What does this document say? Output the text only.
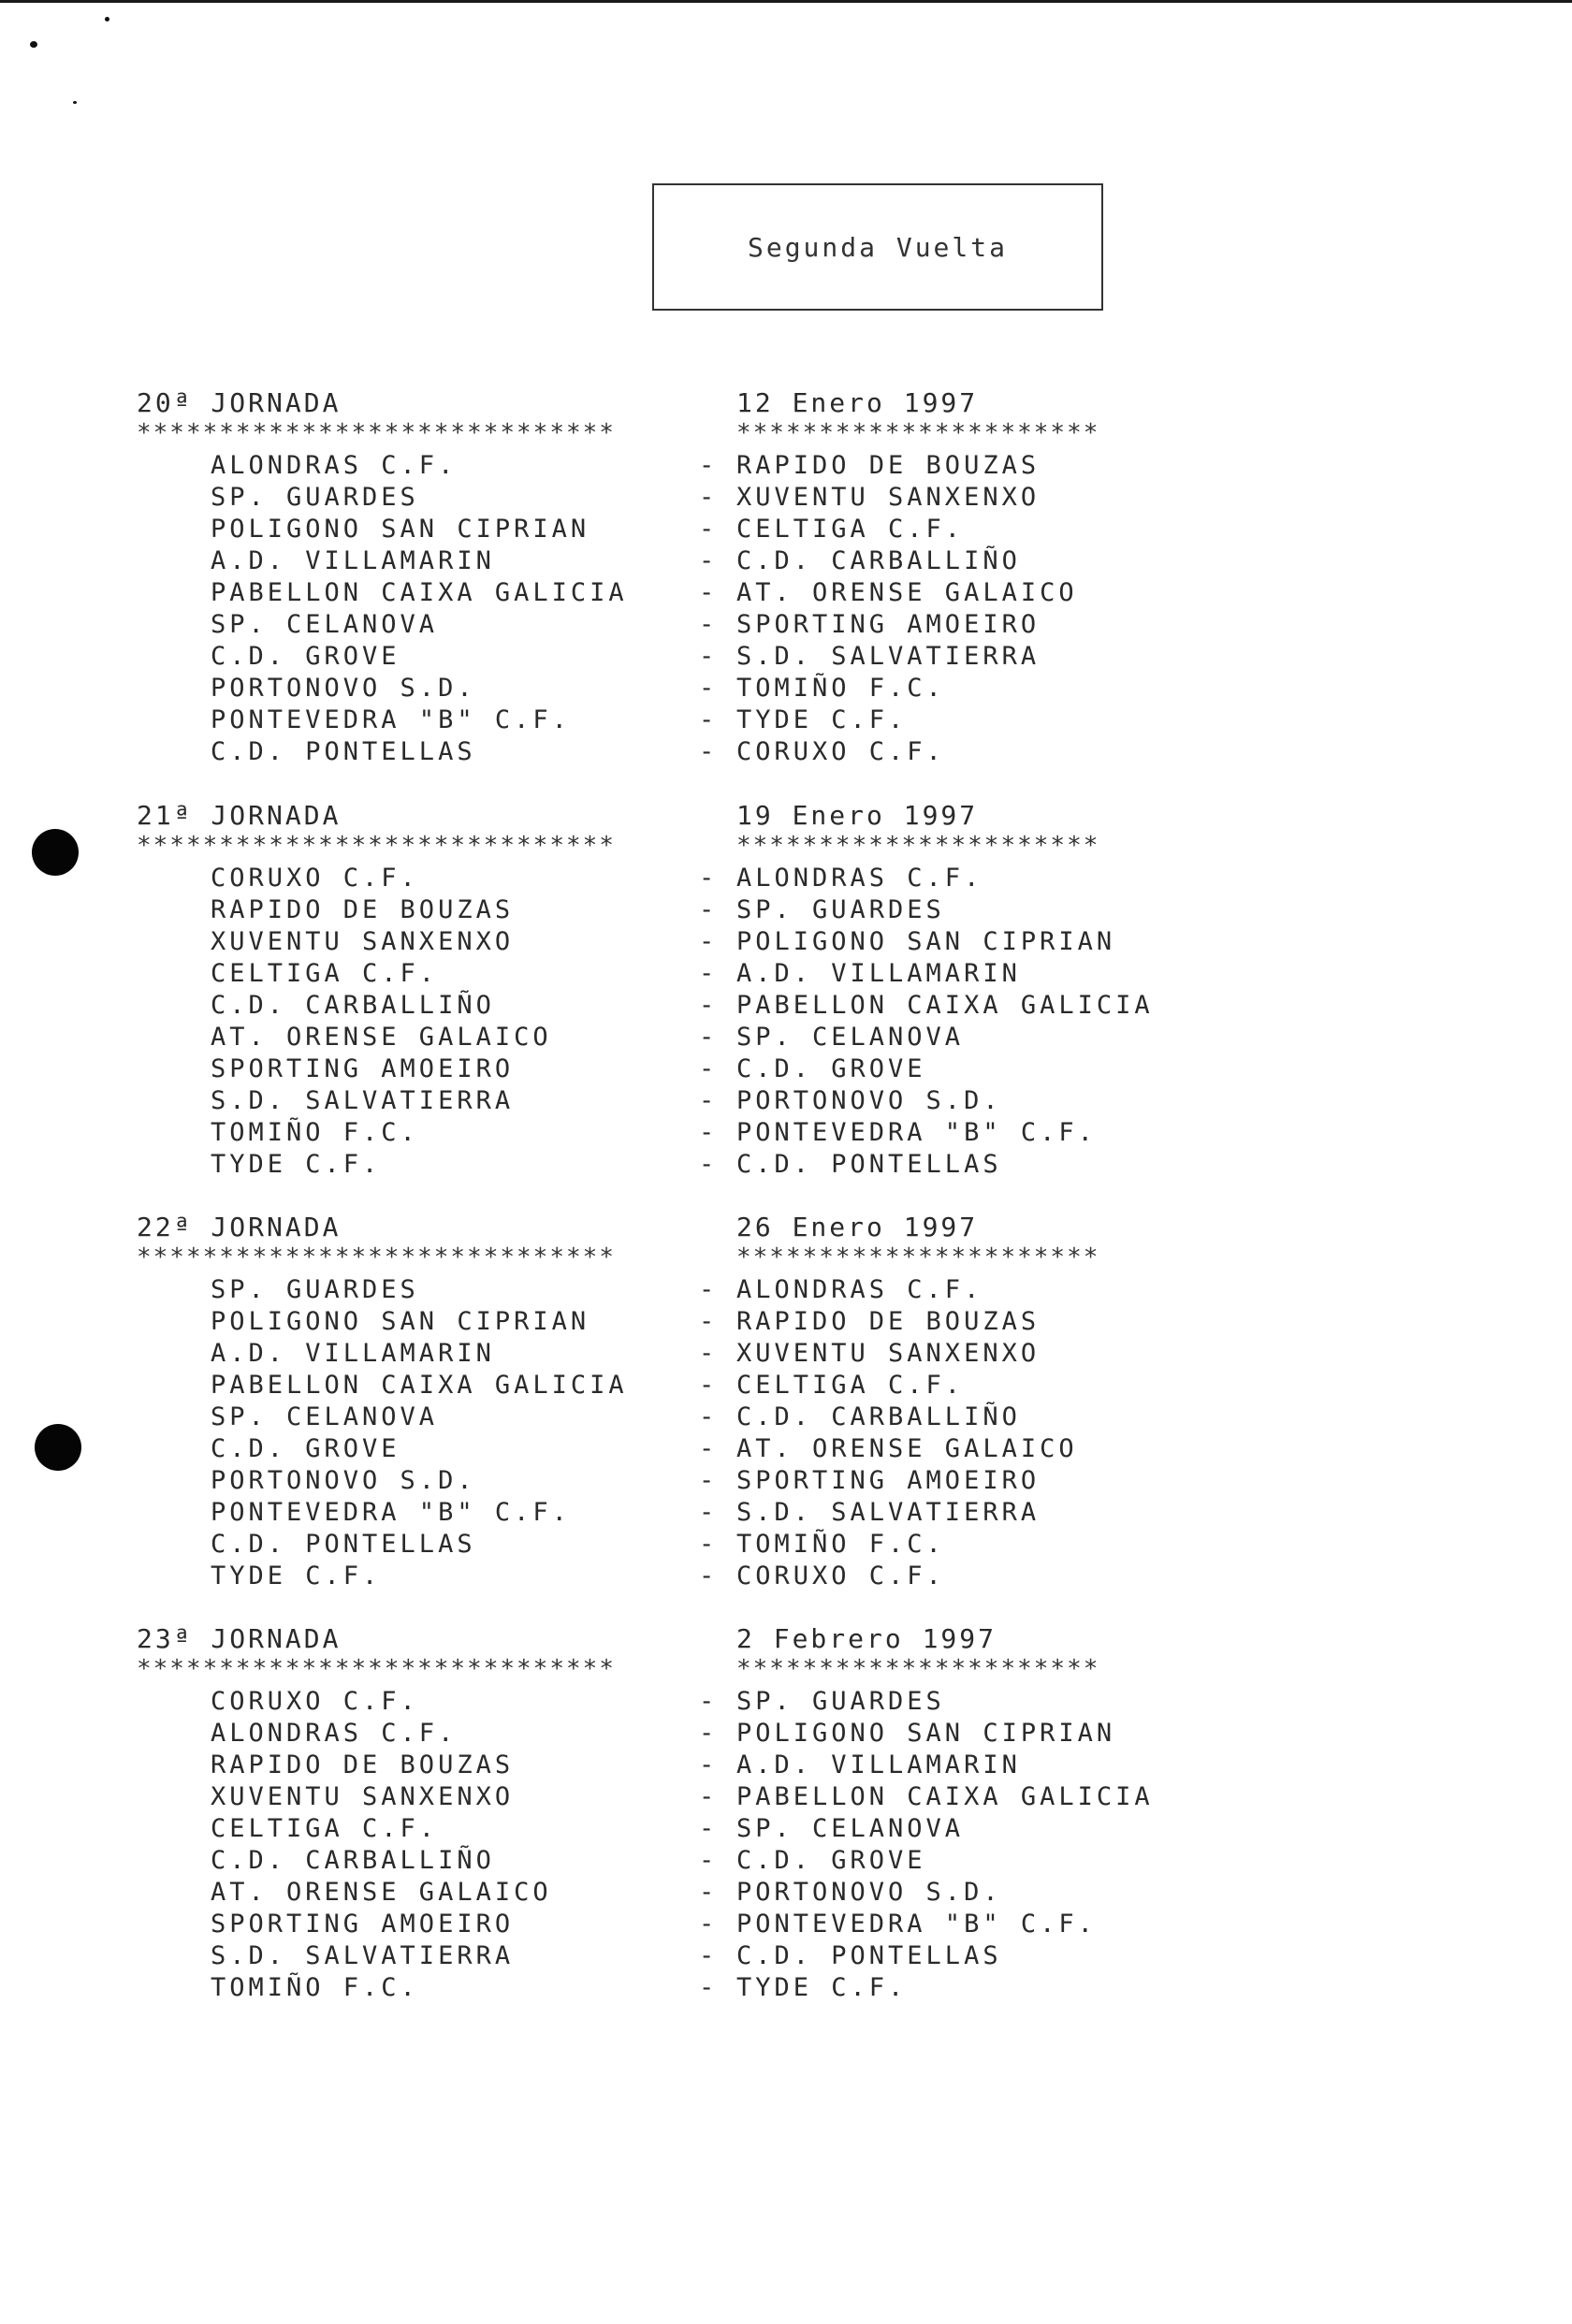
Segunda Vuelta
20ª JORNADA	12 Enero 1997
*****************************	**********************
ALONDRAS C.F.	- RAPIDO DE BOUZAS
SP. GUARDES	- XUVENTU SANXENXO
POLIGONO SAN CIPRIAN	- CELTIGA C.F.
A.D. VILLAMARIN	- C.D. CARBALLIÑO
PABELLON CAIXA GALICIA	- AT. ORENSE GALAICO
SP. CELANOVA	- SPORTING AMOEIRO
C.D. GROVE	- S.D. SALVATIERRA
PORTONOVO S.D.	- TOMIÑO F.C.
PONTEVEDRA "B" C.F.	- TYDE C.F.
C.D. PONTELLAS	- CORUXO C.F.
21ª JORNADA	19 Enero 1997
*****************************	**********************
CORUXO C.F.	- ALONDRAS C.F.
RAPIDO DE BOUZAS	- SP. GUARDES
XUVENTU SANXENXO	- POLIGONO SAN CIPRIAN
CELTIGA C.F.	- A.D. VILLAMARIN
C.D. CARBALLIÑO	- PABELLON CAIXA GALICIA
AT. ORENSE GALAICO	- SP. CELANOVA
SPORTING AMOEIRO	- C.D. GROVE
S.D. SALVATIERRA	- PORTONOVO S.D.
TOMIÑO F.C.	- PONTEVEDRA "B" C.F.
TYDE C.F.	- C.D. PONTELLAS
22ª JORNADA	26 Enero 1997
*****************************	**********************
SP. GUARDES	- ALONDRAS C.F.
POLIGONO SAN CIPRIAN	- RAPIDO DE BOUZAS
A.D. VILLAMARIN	- XUVENTU SANXENXO
PABELLON CAIXA GALICIA	- CELTIGA C.F.
SP. CELANOVA	- C.D. CARBALLIÑO
C.D. GROVE	- AT. ORENSE GALAICO
PORTONOVO S.D.	- SPORTING AMOEIRO
PONTEVEDRA "B" C.F.	- S.D. SALVATIERRA
C.D. PONTELLAS	- TOMIÑO F.C.
TYDE C.F.	- CORUXO C.F.
23ª JORNADA	2 Febrero 1997
*****************************	**********************
CORUXO C.F.	- SP. GUARDES
ALONDRAS C.F.	- POLIGONO SAN CIPRIAN
RAPIDO DE BOUZAS	- A.D. VILLAMARIN
XUVENTU SANXENXO	- PABELLON CAIXA GALICIA
CELTIGA C.F.	- SP. CELANOVA
C.D. CARBALLIÑO	- C.D. GROVE
AT. ORENSE GALAICO	- PORTONOVO S.D.
SPORTING AMOEIRO	- PONTEVEDRA "B" C.F.
S.D. SALVATIERRA	- C.D. PONTELLAS
TOMIÑO F.C.	- TYDE C.F.
